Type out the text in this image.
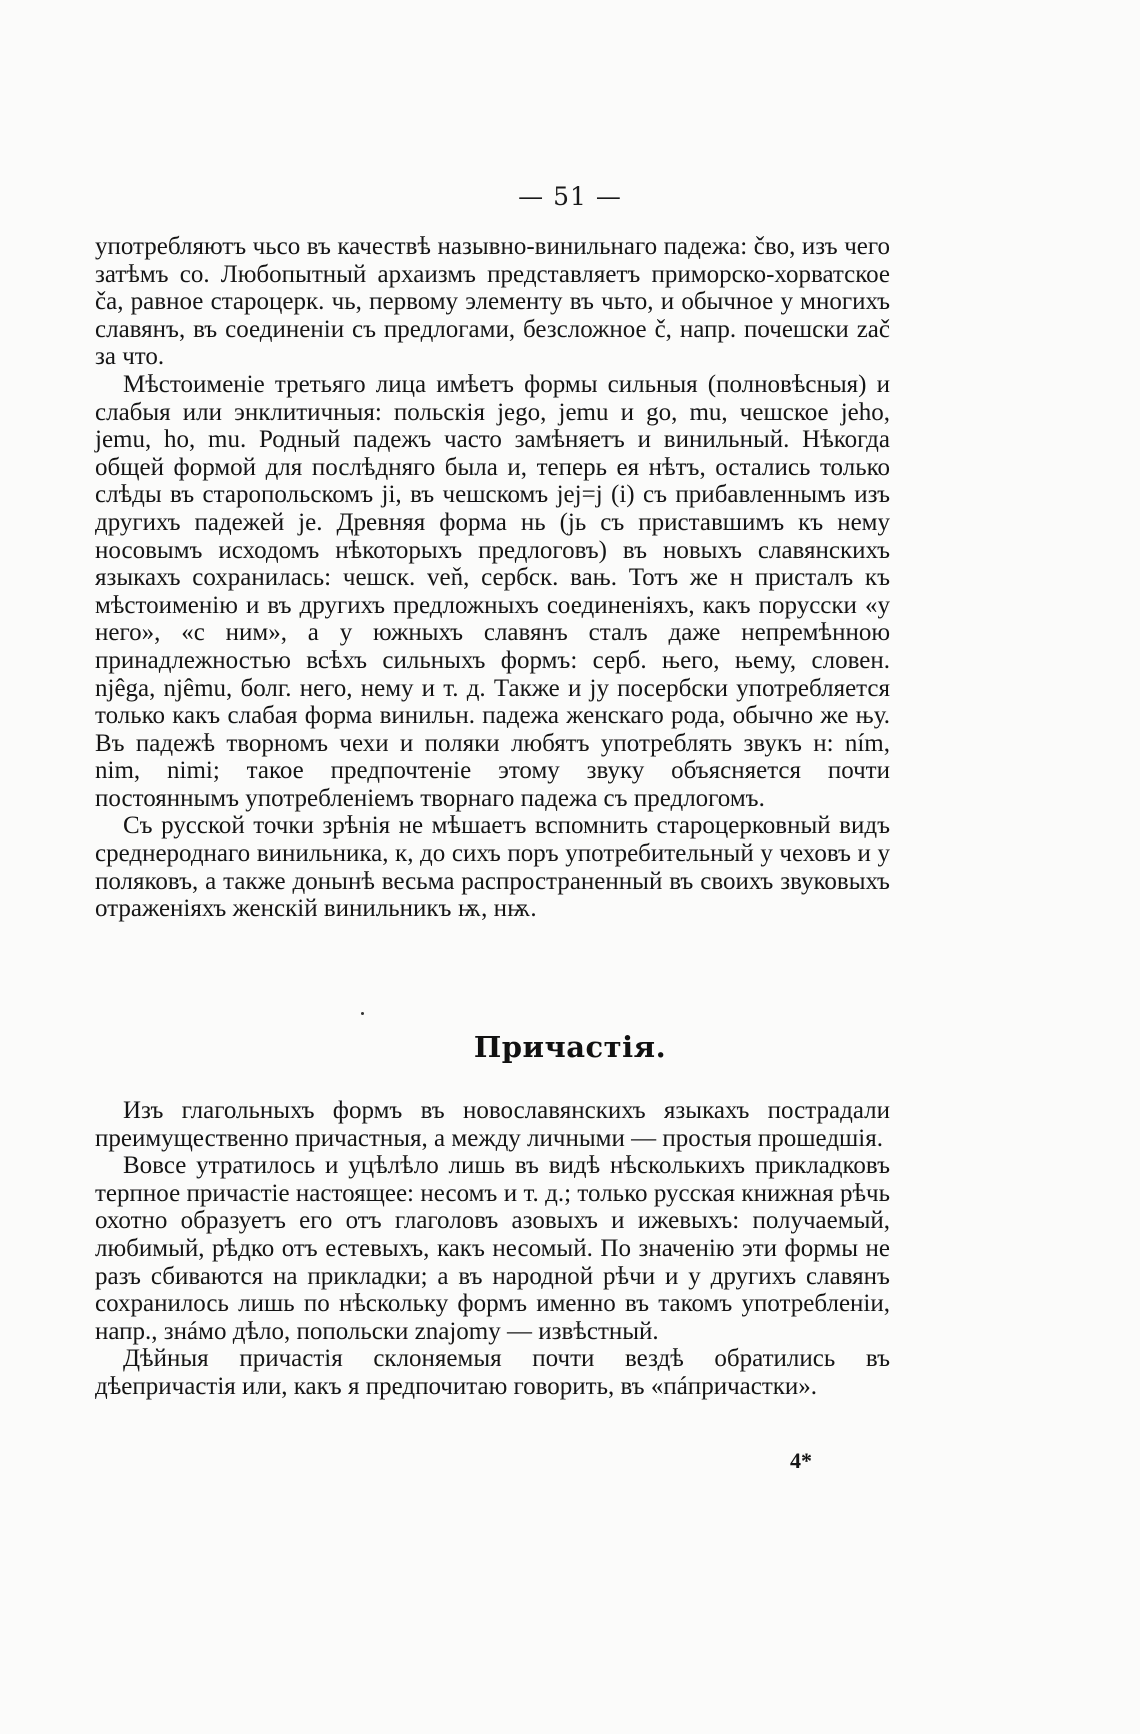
— 51 —

употребляютъ чьсо въ качествѣ назывно-винильнаго падежа: čвo, изъ чего затѣмъ co. Любопытный архаизмъ представляетъ приморско-хорватское ča, равное староцерк. чь, первому элементу въ чьто, и обычное у многихъ славянъ, въ соединеніи съ предлогами, безсложное č, напр. почешски zač за что.

Мѣстоименіе третьяго лица имѣетъ формы сильныя (полновѣсныя) и слабыя или энклитичныя: польскія jego, jemu и go, mu, чешское jeho, jemu, ho, mu. Родный падежъ часто замѣняетъ и винильный. Нѣкогда общей формой для послѣдняго была и, теперь ея нѣтъ, остались только слѣды въ старопольскомъ ji, въ чешскомъ jej=j (i) съ прибавленнымъ изъ другихъ падежей je. Древняя форма нь (jь съ приставшимъ къ нему носовымъ исходомъ нѣкоторыхъ предлоговъ) въ новыхъ славянскихъ языкахъ сохранилась: чешск. veň, сербск. вањ. Тотъ же н присталъ къ мѣстоименію и въ другихъ предложныхъ соединеніяхъ, какъ порусски «у него», «с ним», а у южныхъ славянъ сталъ даже непремѣнною принадлежностью всѣхъ сильныхъ формъ: серб. њего, њему, словен. njêga, njêmu, болг. него, нему и т. д. Также и ју посербски употребляется только какъ слабая форма винильн. падежа женскаго рода, обычно же њу. Въ падежѣ творномъ чехи и поляки любятъ употреблять звукъ н: ním, nim, nimi; такое предпочтеніе этому звуку объясняется почти постояннымъ употребленіемъ творнаго падежа съ предлогомъ.

Съ русской точки зрѣнія не мѣшаетъ вспомнить староцерковный видъ среднероднаго винильника, к, до сихъ поръ употребительный у чеховъ и у поляковъ, а также донынѣ весьма распространенный въ своихъ звуковыхъ отраженіяхъ женскій винильникъ ѭ, нѭ.

Причастія.

Изъ глагольныхъ формъ въ новославянскихъ языкахъ пострадали преимущественно причастныя, а между личными — простыя прошедшія.

Вовсе утратилось и уцѣлѣло лишь въ видѣ нѣсколькихъ прикладковъ терпное причастіе настоящее: несомъ и т. д.; только русская книжная рѣчь охотно образуетъ его отъ глаголовъ азовыхъ и ижевыхъ: получаемый, любимый, рѣдко отъ естевыхъ, какъ несомый. По значенію эти формы не разъ сбиваются на прикладки; а въ народной рѣчи и у другихъ славянъ сохранилось лишь по нѣскольку формъ именно въ такомъ употребленіи, напр., знáмо дѣло, попольски znajomy — извѣстный.

Дѣйныя причастія склоняемыя почти вездѣ обратились въ дѣепричастія или, какъ я предпочитаю говорить, въ «пáпричастки».

4*
